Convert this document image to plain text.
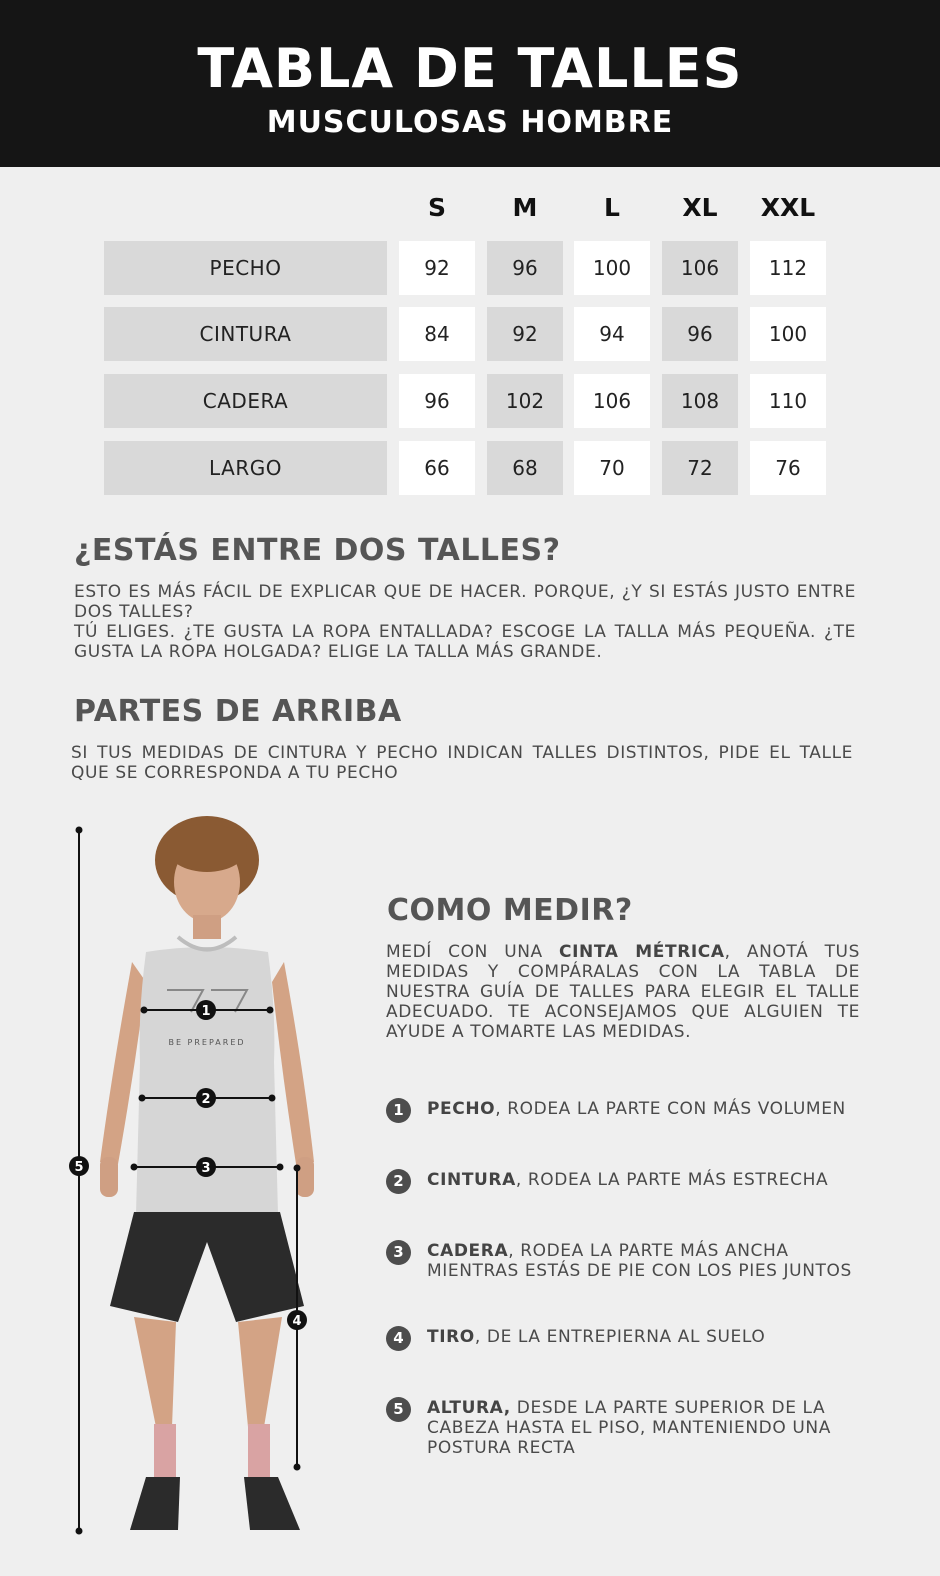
TABLA DE TALLES
MUSCULOSAS HOMBRE
S	M	L	XL	XXL
PECHO	92	96	100	106	112
CINTURA	84	92	94	96	100
CADERA	96	102	106	108	110
LARGO	66	68	70	72	76
¿ESTÁS ENTRE DOS TALLES?
ESTO ES MÁS FÁCIL DE EXPLICAR QUE DE HACER. PORQUE, ¿Y SI ESTÁS JUSTO ENTRE DOS TALLES?
TÚ ELIGES. ¿TE GUSTA LA ROPA ENTALLADA? ESCOGE LA TALLA MÁS PEQUEÑA. ¿TE GUSTA LA ROPA HOLGADA? ELIGE LA TALLA MÁS GRANDE.
PARTES DE ARRIBA
SI TUS MEDIDAS DE CINTURA Y PECHO INDICAN TALLES DISTINTOS, PIDE EL TALLE QUE SE CORRESPONDA A TU PECHO
BE PREPARED
1
2
3
4
5
COMO MEDIR?
MEDÍ CON UNA CINTA MÉTRICA, ANOTÁ TUS MEDIDAS Y COMPÁRALAS CON LA TABLA DE NUESTRA GUÍA DE TALLES PARA ELEGIR EL TALLE ADECUADO. TE ACONSEJAMOS QUE ALGUIEN TE AYUDE A TOMARTE LAS MEDIDAS.
1	PECHO, RODEA LA PARTE CON MÁS VOLUMEN
2	CINTURA, RODEA LA PARTE MÁS ESTRECHA
3	CADERA, RODEA LA PARTE MÁS ANCHA MIENTRAS ESTÁS DE PIE CON LOS PIES JUNTOS
4	TIRO, DE LA ENTREPIERNA AL SUELO
5	ALTURA, DESDE LA PARTE SUPERIOR DE LA CABEZA HASTA EL PISO, MANTENIENDO UNA POSTURA RECTA
